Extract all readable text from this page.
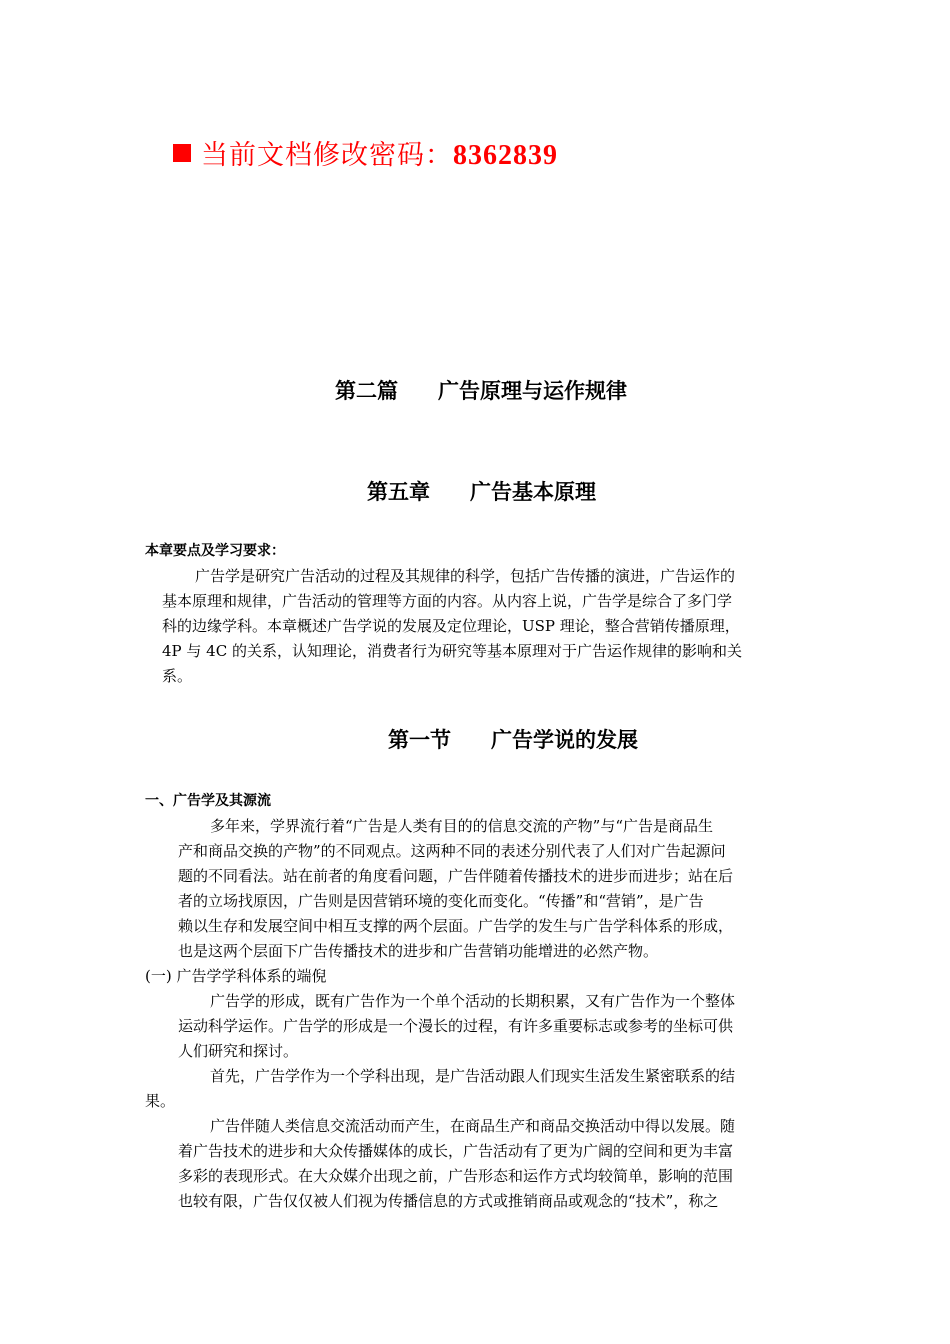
当前文档修改密码：8362839
第二篇 广告原理与运作规律
第五章 广告基本原理
本章要点及学习要求：
广告学是研究广告活动的过程及其规律的科学，包括广告传播的演进，广告运作的
基本原理和规律，广告活动的管理等方面的内容。从内容上说，广告学是综合了多门学
科的边缘学科。本章概述广告学说的发展及定位理论，USP 理论，整合营销传播原理，
4P 与 4C 的关系，认知理论，消费者行为研究等基本原理对于广告运作规律的影响和关
系。
第一节 广告学说的发展
一、广告学及其源流
多年来，学界流行着“广告是人类有目的的信息交流的产物”与“广告是商品生
产和商品交换的产物”的不同观点。这两种不同的表述分别代表了人们对广告起源问
题的不同看法。站在前者的角度看问题，广告伴随着传播技术的进步而进步；站在后
者的立场找原因，广告则是因营销环境的变化而变化。“传播”和“营销”，是广告
赖以生存和发展空间中相互支撑的两个层面。广告学的发生与广告学科体系的形成，
也是这两个层面下广告传播技术的进步和广告营销功能增进的必然产物。
(一) 广告学学科体系的端倪
广告学的形成，既有广告作为一个单个活动的长期积累，又有广告作为一个整体
运动科学运作。广告学的形成是一个漫长的过程，有许多重要标志或参考的坐标可供
人们研究和探讨。
首先，广告学作为一个学科出现，是广告活动跟人们现实生活发生紧密联系的结
果。
广告伴随人类信息交流活动而产生，在商品生产和商品交换活动中得以发展。随
着广告技术的进步和大众传播媒体的成长，广告活动有了更为广阔的空间和更为丰富
多彩的表现形式。在大众媒介出现之前，广告形态和运作方式均较简单，影响的范围
也较有限，广告仅仅被人们视为传播信息的方式或推销商品或观念的“技术”，称之
